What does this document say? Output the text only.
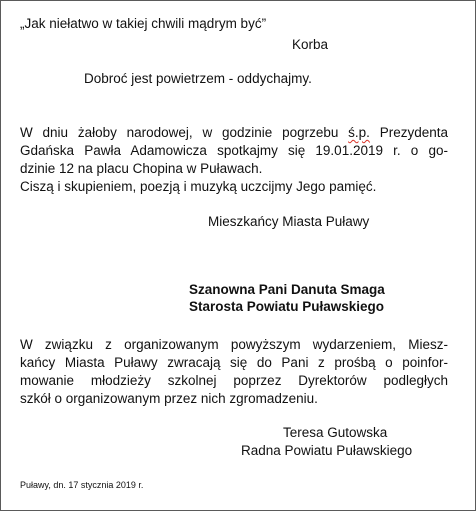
„Jak niełatwo w takiej chwili mądrym być”
Korba
Dobroć jest powietrzem - oddychajmy.
W dniu żałoby narodowej, w godzinie pogrzebu ś.p. Prezydenta
Gdańska Pawła Adamowicza spotkajmy się 19.01.2019 r. o go-
dzinie 12 na placu Chopina w Puławach.
Ciszą i skupieniem, poezją i muzyką uczcijmy Jego pamięć.
Mieszkańcy Miasta Puławy
Szanowna Pani Danuta Smaga
Starosta Powiatu Puławskiego
W związku z organizowanym powyższym wydarzeniem, Miesz-
kańcy Miasta Puławy zwracają się do Pani z prośbą o poinfor-
mowanie młodzieży szkolnej poprzez Dyrektorów podległych
szkół o organizowanym przez nich zgromadzeniu.
Teresa Gutowska
Radna Powiatu Puławskiego
Puławy, dn. 17 stycznia 2019 r.
